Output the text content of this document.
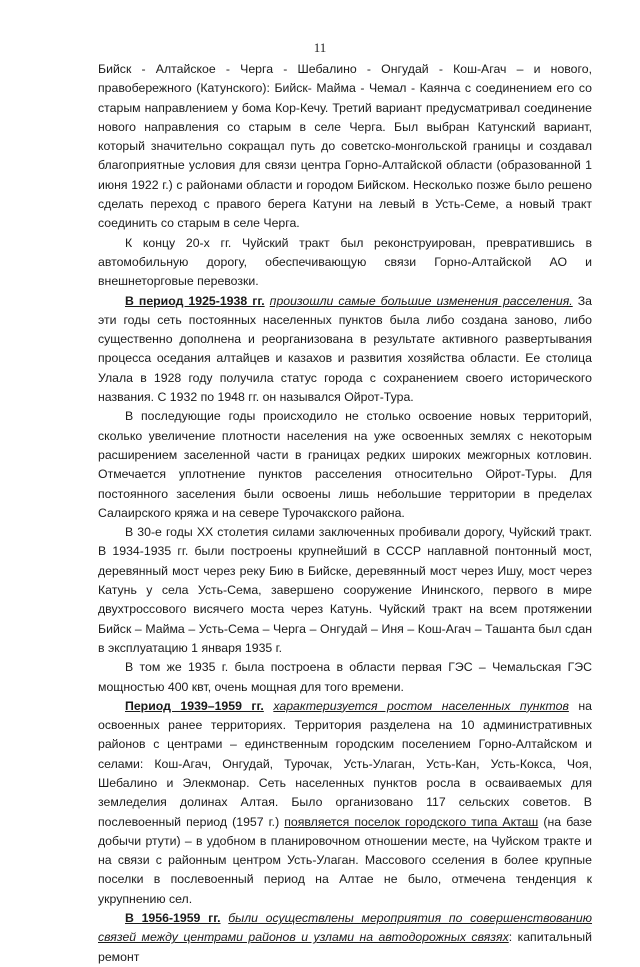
11

Бийск - Алтайское - Черга - Шебалино - Онгудай - Кош-Агач – и нового, правобережного (Катунского): Бийск- Майма - Чемал - Каянча с соединением его со старым направлением у бома Кор-Кечу. Третий вариант предусматривал соединение нового направления со старым в селе Черга. Был выбран Катунский вариант, который значительно сокращал путь до советско-монгольской границы и создавал благоприятные условия для связи центра Горно-Алтайской области (образованной 1 июня 1922 г.) с районами области и городом Бийском. Несколько позже было решено сделать переход с правого берега Катуни на левый в Усть-Семе, а новый тракт соединить со старым в селе Черга.

К концу 20-х гг. Чуйский тракт был реконструирован, превратившись в автомобильную дорогу, обеспечивающую связи Горно-Алтайской АО и внешнеторговые перевозки.

В период 1925-1938 гг. произошли самые большие изменения расселения. За эти годы сеть постоянных населенных пунктов была либо создана заново, либо существенно дополнена и реорганизована в результате активного развертывания процесса оседания алтайцев и казахов и развития хозяйства области. Ее столица Улала в 1928 году получила статус города с сохранением своего исторического названия. С 1932 по 1948 гг. он назывался Ойрот-Тура.

В последующие годы происходило не столько освоение новых территорий, сколько увеличение плотности населения на уже освоенных землях с некоторым расширением заселенной части в границах редких широких межгорных котловин. Отмечается уплотнение пунктов расселения относительно Ойрот-Туры. Для постоянного заселения были освоены лишь небольшие территории в пределах Салаирского кряжа и на севере Турочакского района.

В 30-е годы XX столетия силами заключенных пробивали дорогу, Чуйский тракт. В 1934-1935 гг. были построены крупнейший в СССР наплавной понтонный мост, деревянный мост через реку Бию в Бийске, деревянный мост через Ишу, мост через Катунь у села Усть-Сема, завершено сооружение Ининского, первого в мире двухтроссового висячего моста через Катунь. Чуйский тракт на всем протяжении Бийск – Майма – Усть-Сема – Черга – Онгудай – Иня – Кош-Агач – Ташанта был сдан в эксплуатацию 1 января 1935 г.

В том же 1935 г. была построена в области первая ГЭС – Чемальская ГЭС мощностью 400 квт, очень мощная для того времени.

Период 1939–1959 гг. характеризуется ростом населенных пунктов на освоенных ранее территориях. Территория разделена на 10 административных районов с центрами – единственным городским поселением Горно-Алтайском и селами: Кош-Агач, Онгудай, Турочак, Усть-Улаган, Усть-Кан, Усть-Кокса, Чоя, Шебалино и Элекмонар. Сеть населенных пунктов росла в осваиваемых для земледелия долинах Алтая. Было организовано 117 сельских советов. В послевоенный период (1957 г.) появляется поселок городского типа Акташ (на базе добычи ртути) – в удобном в планировочном отношении месте, на Чуйском тракте и на связи с районным центром Усть-Улаган. Массового сселения в более крупные поселки в послевоенный период на Алтае не было, отмечена тенденция к укрупнению сел.

В 1956-1959 гг. были осуществлены мероприятия по совершенствованию связей между центрами районов и узлами на автодорожных связях: капитальный ремонт
